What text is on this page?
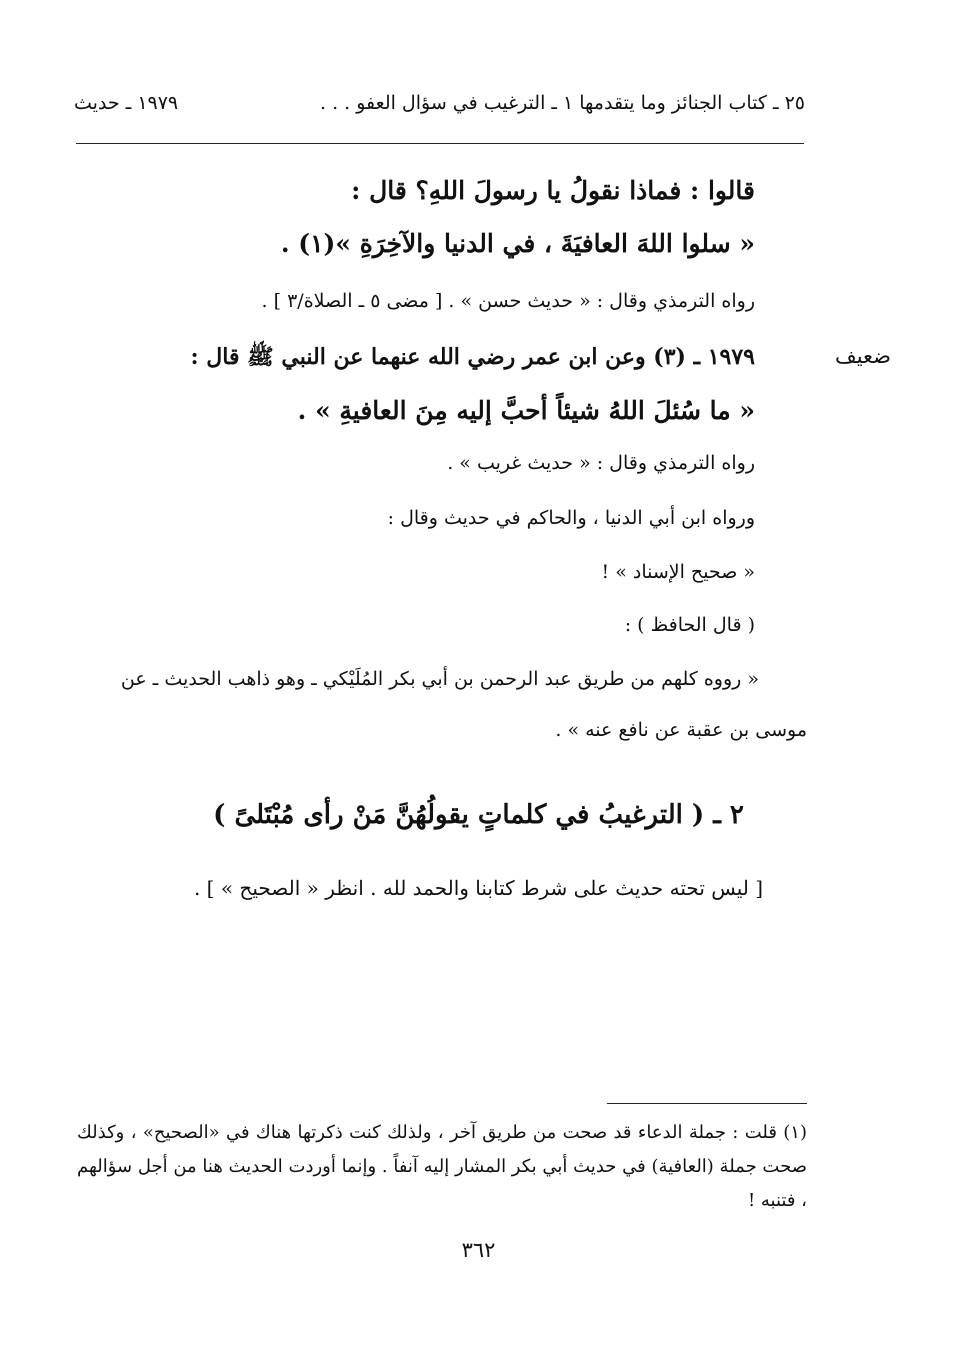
٢٥ ـ كتاب الجنائز وما يتقدمها ١ ـ الترغيب في سؤال العفو . . .
١٩٧٩ ـ حديث
ضعيف
قالوا : فماذا نقولُ يا رسولَ اللهِ؟ قال :
« سلوا اللهَ العافيَةَ ، في الدنيا والآخِرَةِ »(١) .
رواه الترمذي وقال : « حديث حسن » . [ مضى ٥ ـ الصلاة/٣ ] .
١٩٧٩ ـ (٣) وعن ابن عمر رضي الله عنهما عن النبي ﷺ قال :
« ما سُئلَ اللهُ شيئاً أحبَّ إليه مِنَ العافيةِ » .
رواه الترمذي وقال : « حديث غريب » .
ورواه ابن أبي الدنيا ، والحاكم في حديث وقال :
« صحيح الإسناد » !
( قال الحافظ ) :
« رووه كلهم من طريق عبد الرحمن بن أبي بكر المُلَيْكي ـ وهو ذاهب الحديث ـ عن
موسى بن عقبة عن نافع عنه » .
٢ ـ ( الترغيبُ في كلماتٍ يقولُهُنَّ مَنْ رأى مُبْتَلىً )
[ ليس تحته حديث على شرط كتابنا والحمد لله . انظر « الصحيح » ] .
(١) قلت : جملة الدعاء قد صحت من طريق آخر ، ولذلك كنت ذكرتها هناك في «الصحيح» ، وكذلك صحت جملة (العافية) في حديث أبي بكر المشار إليه آنفاً . وإنما أوردت الحديث هنا من أجل سؤالهم ، فتنبه !
٣٦٢
